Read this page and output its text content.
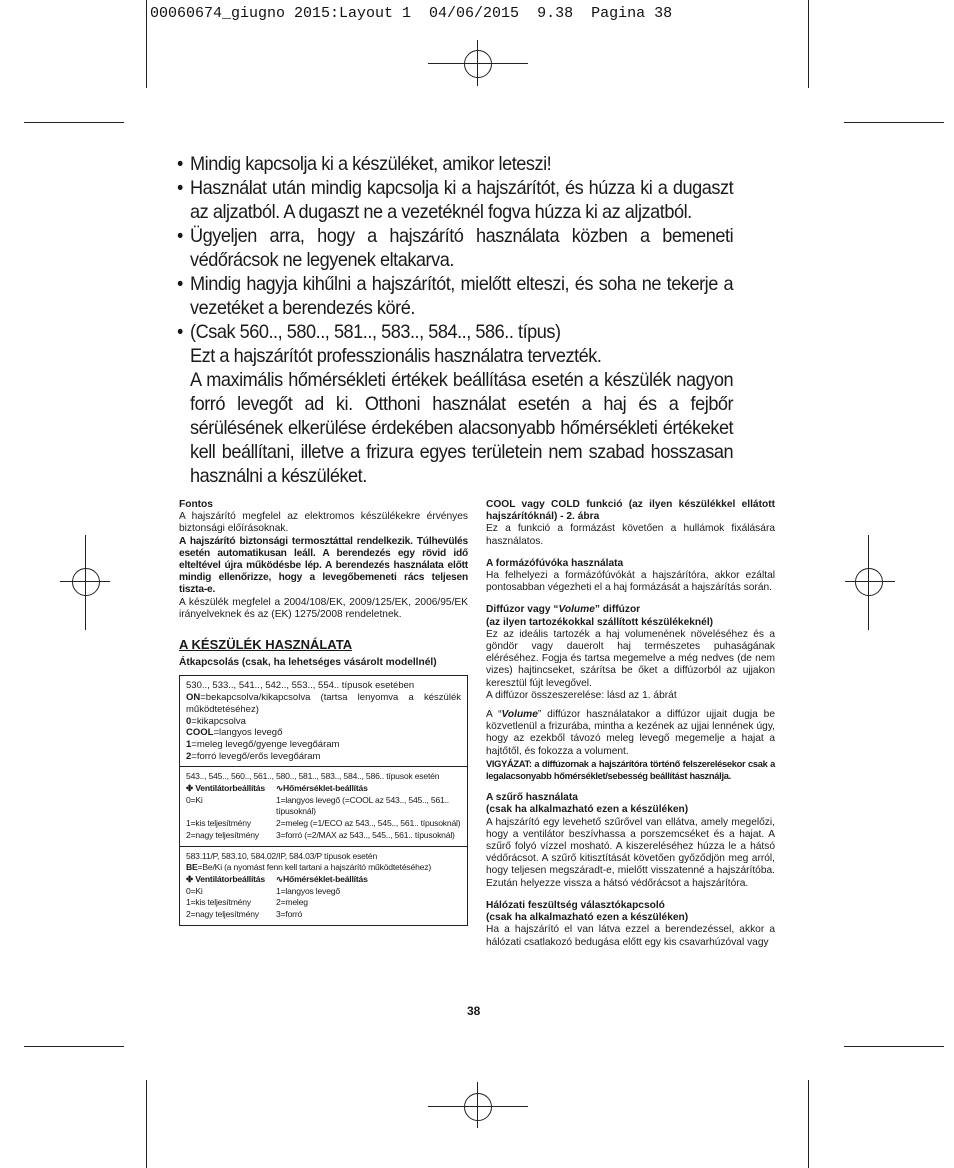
00060674_giugno 2015:Layout 1  04/06/2015  9.38  Pagina 38

• Mindig kapcsolja ki a készüléket, amikor leteszi!

• Használat után mindig kapcsolja ki a hajszárítót, és húzza ki a dugaszt az aljzatból. A dugaszt ne a vezetéknél fogva húzza ki az aljzatból.

• Ügyeljen arra, hogy a hajszárító használata közben a bemeneti védőrácsok ne legyenek eltakarva.

• Mindig hagyja kihűlni a hajszárítót, mielőtt elteszi, és soha ne tekerje a vezetéket a berendezés köré.

• (Csak 560.., 580.., 581.., 583.., 584.., 586.. típus)

Ezt a hajszárítót professzionális használatra tervezték.

A maximális hőmérsékleti értékek beállítása esetén a készülék nagyon forró levegőt ad ki. Otthoni használat esetén a haj és a fejbőr sérülésének elkerülése érdekében alacsonyabb hőmérsékleti értékeket kell beállítani, illetve a frizura egyes területein nem szabad hosszasan használni a készüléket.

Fontos

A hajszárító megfelel az elektromos készülékekre érvényes biztonsági előírásoknak.

A hajszárító biztonsági termosztáttal rendelkezik. Túlhevülés esetén automatikusan leáll. A berendezés egy rövid idő elteltével újra működésbe lép. A berendezés használata előtt mindig ellenőrizze, hogy a levegőbemeneti rács teljesen tiszta-e.

A készülék megfelel a 2004/108/EK, 2009/125/EK, 2006/95/EK irányelveknek és az (EK) 1275/2008 rendeletnek.

A KÉSZÜLÉK HASZNÁLATA

Átkapcsolás (csak, ha lehetséges vásárolt modellnél)

530.., 533.., 541.., 542.., 553.., 554.. típusok esetében

ON=bekapcsolva/kikapcsolva (tartsa lenyomva a készülék működtetéséhez)

0=kikapcsolva

COOL=langyos levegő

1=meleg levegő/gyenge levegőáram

2=forró levegő/erős levegőáram

543.., 545.., 560.., 561.., 580.., 581.., 583.., 584.., 586.. típusok esetén

✤ Ventilátorbeállítás	∿Hőmérséklet-beállítás
0=Ki	1=langyos levegő (=COOL az 543.., 545.., 561.. típusoknál)
1=kis teljesítmény	2=meleg (=1/ECO az 543.., 545.., 561.. típusoknál)
2=nagy teljesítmény	3=forró (=2/MAX az 543.., 545.., 561.. típusoknál)

583.11/P, 583.10, 584.02/IP, 584.03/P típusok esetén

BE=Be/Ki (a nyomást fenn kell tartani a hajszárító működtetéséhez)

✤ Ventilátorbeállítás	∿Hőmérséklet-beállítás
0=Ki	1=langyos levegő
1=kis teljesítmény	2=meleg
2=nagy teljesítmény	3=forró

COOL vagy COLD funkció (az ilyen készülékkel ellátott hajszárítóknál) - 2. ábra

Ez a funkció a formázást követően a hullámok fixálására használatos.

A formázófúvóka használata

Ha felhelyezi a formázófúvókát a hajszárítóra, akkor ezáltal pontosabban végezheti el a haj formázását a hajszárítás során.

Diffúzor vagy “Volume” diffúzor

(az ilyen tartozékokkal szállított készülékeknél)

Ez az ideális tartozék a haj volumenének növeléséhez és a göndör vagy dauerolt haj természetes puhaságának eléréséhez. Fogja és tartsa megemelve a még nedves (de nem vizes) hajtincseket, szárítsa be őket a diffúzorból az ujjakon keresztül fújt levegővel.

A diffúzor összeszerelése: lásd az 1. ábrát

A “Volume” diffúzor használatakor a diffúzor ujjait dugja be közvetlenül a frizurába, mintha a kezének az ujjai lennének úgy, hogy az ezekből távozó meleg levegő megemelje a hajat a hajtőtől, és fokozza a volument.

VIGYÁZAT: a diffúzornak a hajszárítóra történő felszerelésekor csak a legalacsonyabb hőmérséklet/sebesség beállítást használja.

A szűrő használata

(csak ha alkalmazható ezen a készüléken)

A hajszárító egy levehető szűrővel van ellátva, amely megelőzi, hogy a ventilátor beszívhassa a porszemcséket és a hajat. A szűrő folyó vízzel mosható. A kiszereléséhez húzza le a hátsó védőrácsot. A szűrő kitisztítását követően győződjön meg arról, hogy teljesen megszáradt-e, mielőtt visszatenné a hajszárítóba. Ezután helyezze vissza a hátsó védőrácsot a hajszárítóra.

Hálózati feszültség választókapcsoló

(csak ha alkalmazható ezen a készüléken)

Ha a hajszárító el van látva ezzel a berendezéssel, akkor a hálózati csatlakozó bedugása előtt egy kis csavarhúzóval vagy

38
